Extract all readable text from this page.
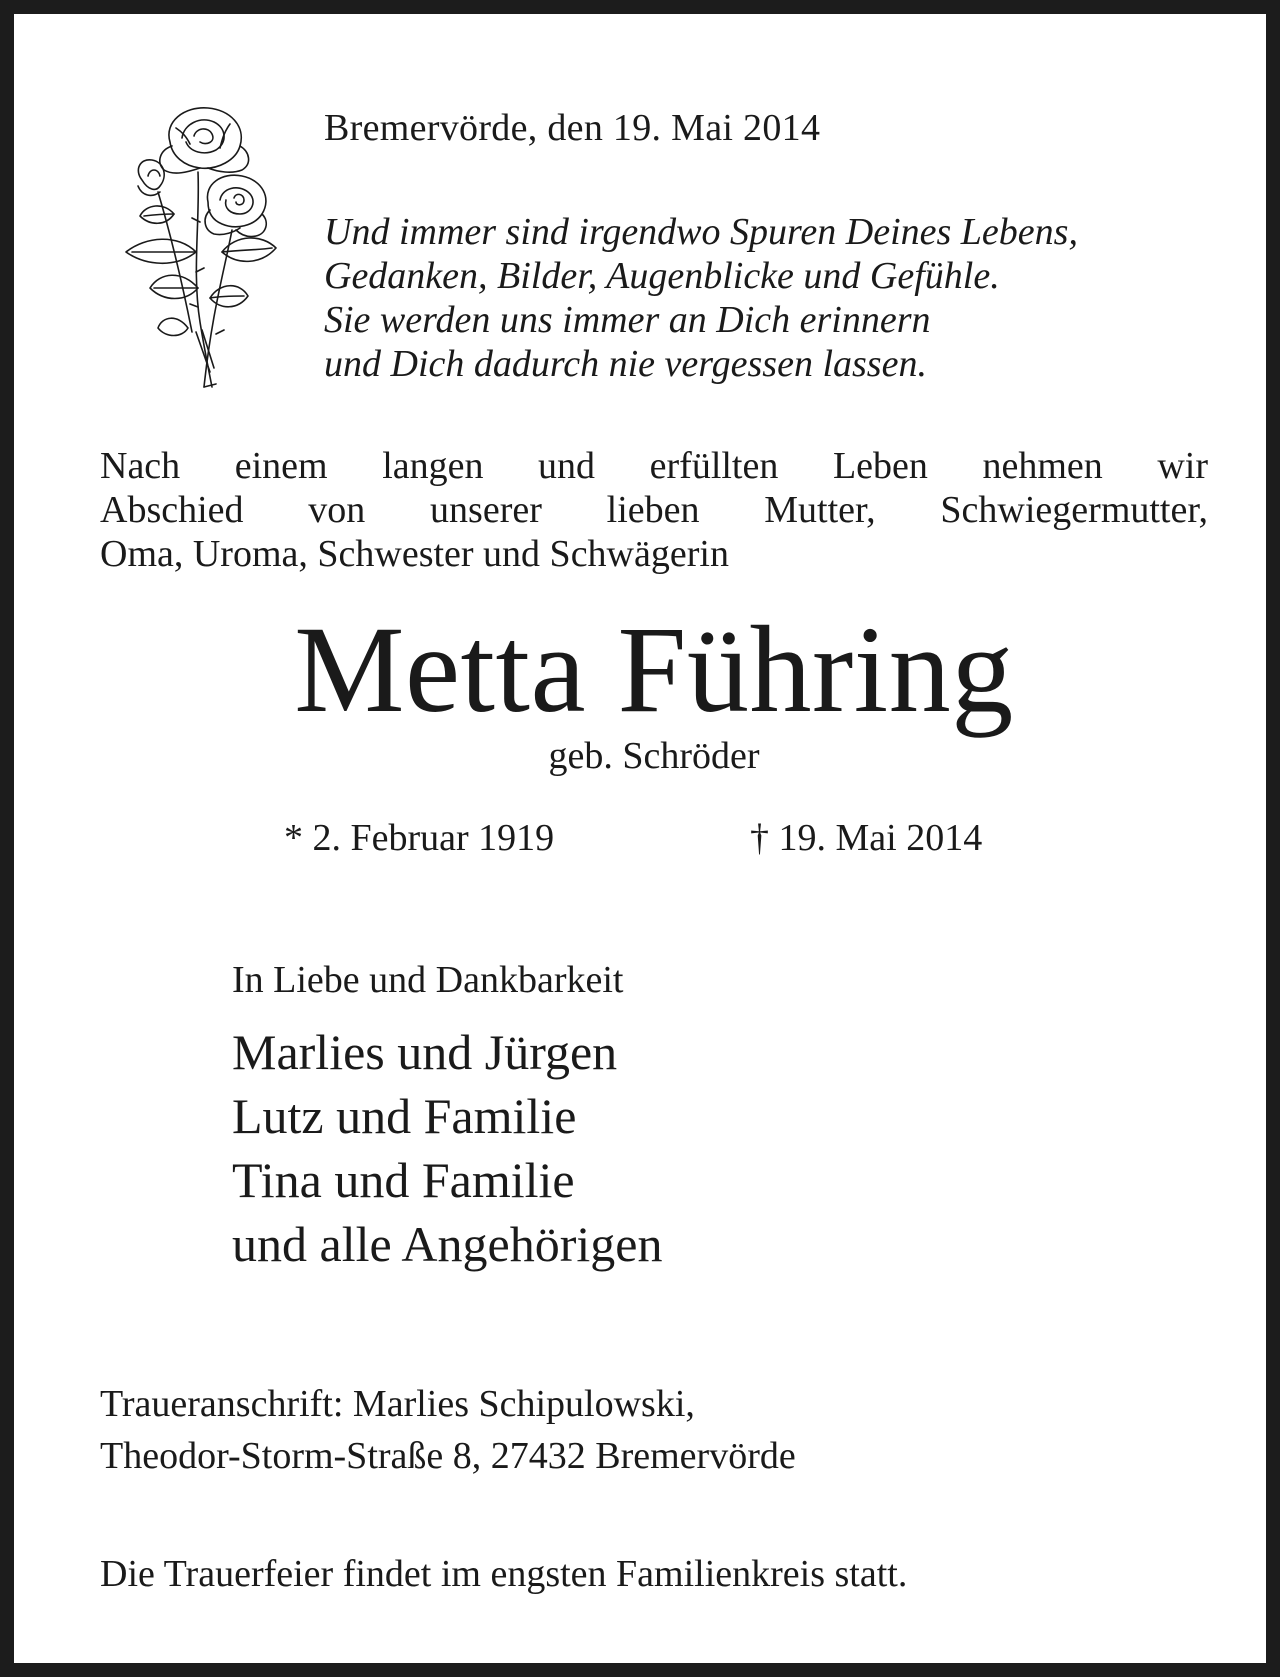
Bremervörde, den 19. Mai 2014
Und immer sind irgendwo Spuren Deines Lebens,
Gedanken, Bilder, Augenblicke und Gefühle.
Sie werden uns immer an Dich erinnern
und Dich dadurch nie vergessen lassen.
Nach einem langen und erfüllten Leben nehmen wir
Abschied von unserer lieben Mutter, Schwiegermutter,
Oma, Uroma, Schwester und Schwägerin
Metta Führing
geb. Schröder
* 2. Februar 1919	† 19. Mai 2014
In Liebe und Dankbarkeit
Marlies und Jürgen
Lutz und Familie
Tina und Familie
und alle Angehörigen
Traueranschrift: Marlies Schipulowski,
Theodor-Storm-Straße 8, 27432 Bremervörde
Die Trauerfeier findet im engsten Familienkreis statt.
